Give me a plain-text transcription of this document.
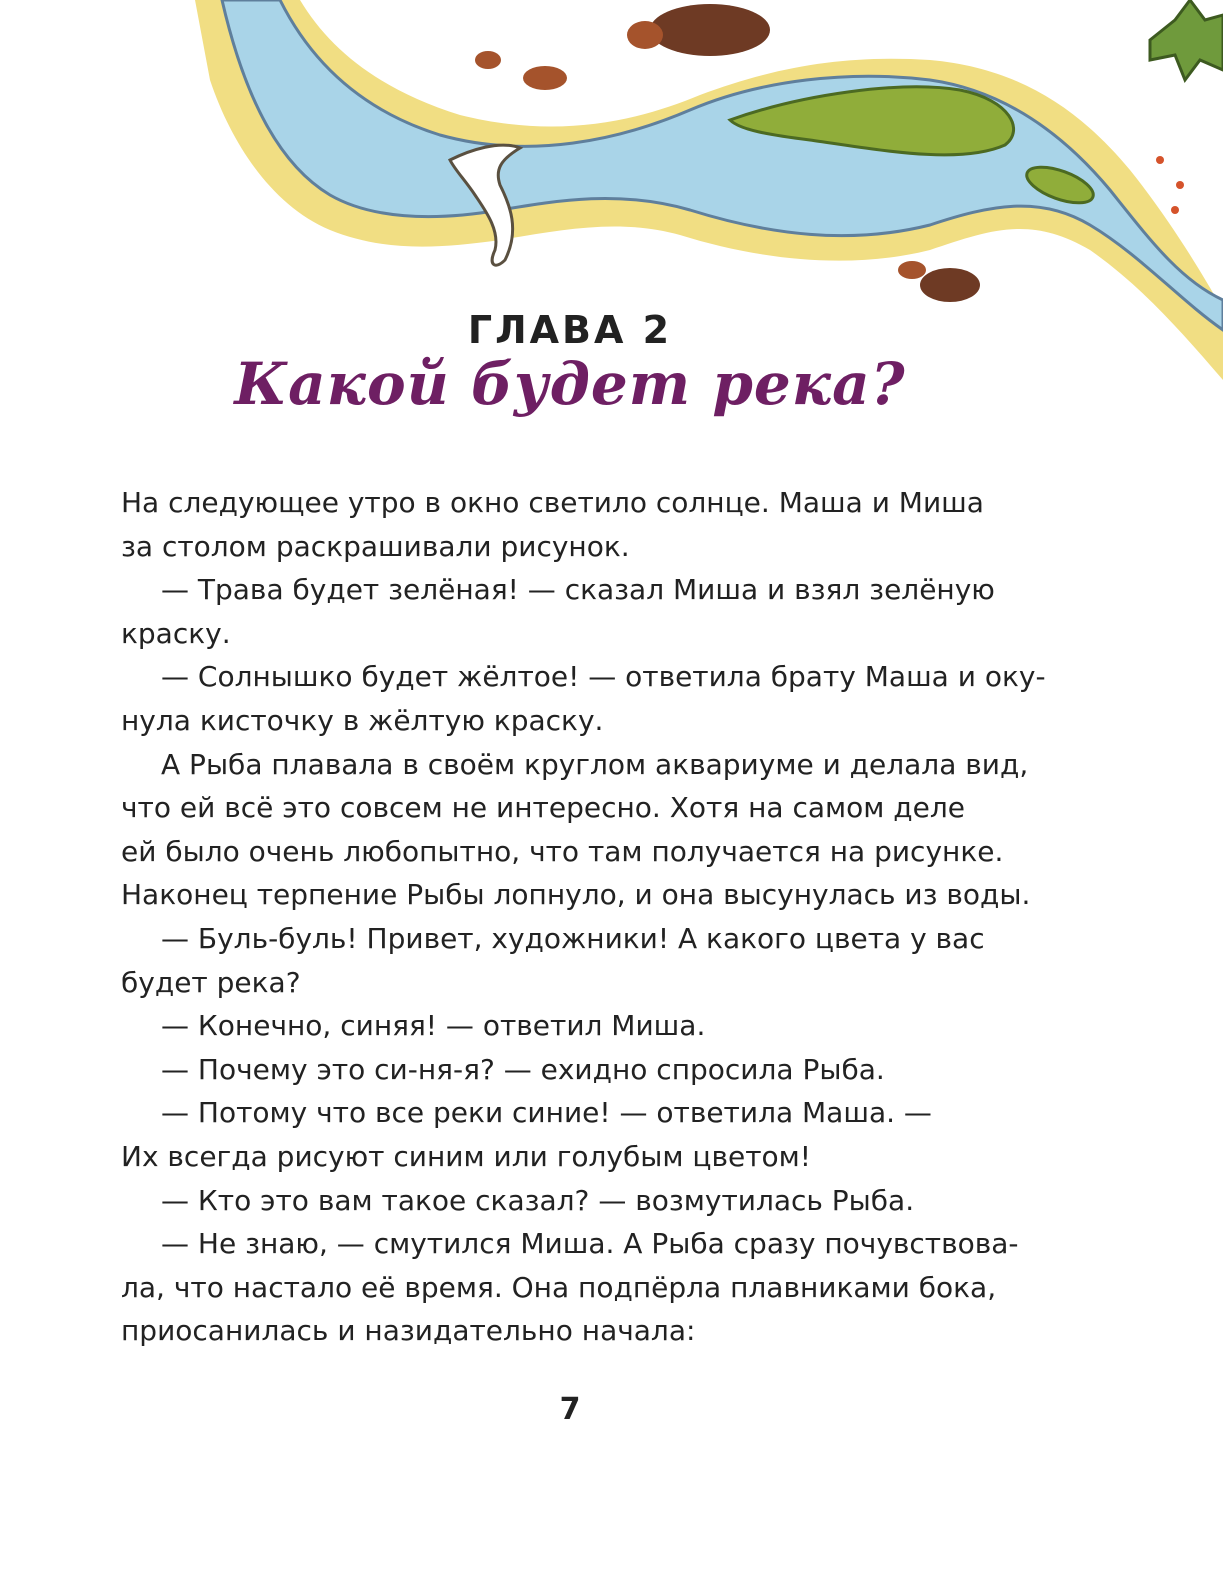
ГЛАВА 2
Какой будет река?
На следующее утро в окно светило солнце. Маша и Миша
за столом раскрашивали рисунок.
— Трава будет зелёная! — сказал Миша и взял зелёную
краску.
— Солнышко будет жёлтое! — ответила брату Маша и оку-
нула кисточку в жёлтую краску.
А Рыба плавала в своём круглом аквариуме и делала вид,
что ей всё это совсем не интересно. Хотя на самом деле
ей было очень любопытно, что там получается на рисунке.
Наконец терпение Рыбы лопнуло, и она высунулась из воды.
— Буль-буль! Привет, художники! А какого цвета у вас
будет река?
— Конечно, синяя! — ответил Миша.
— Почему это си-ня-я? — ехидно спросила Рыба.
— Потому что все реки синие! — ответила Маша. —
Их всегда рисуют синим или голубым цветом!
— Кто это вам такое сказал? — возмутилась Рыба.
— Не знаю, — смутился Миша. А Рыба сразу почувствова-
ла, что настало её время. Она подпёрла плавниками бока,
приосанилась и назидательно начала:
7
